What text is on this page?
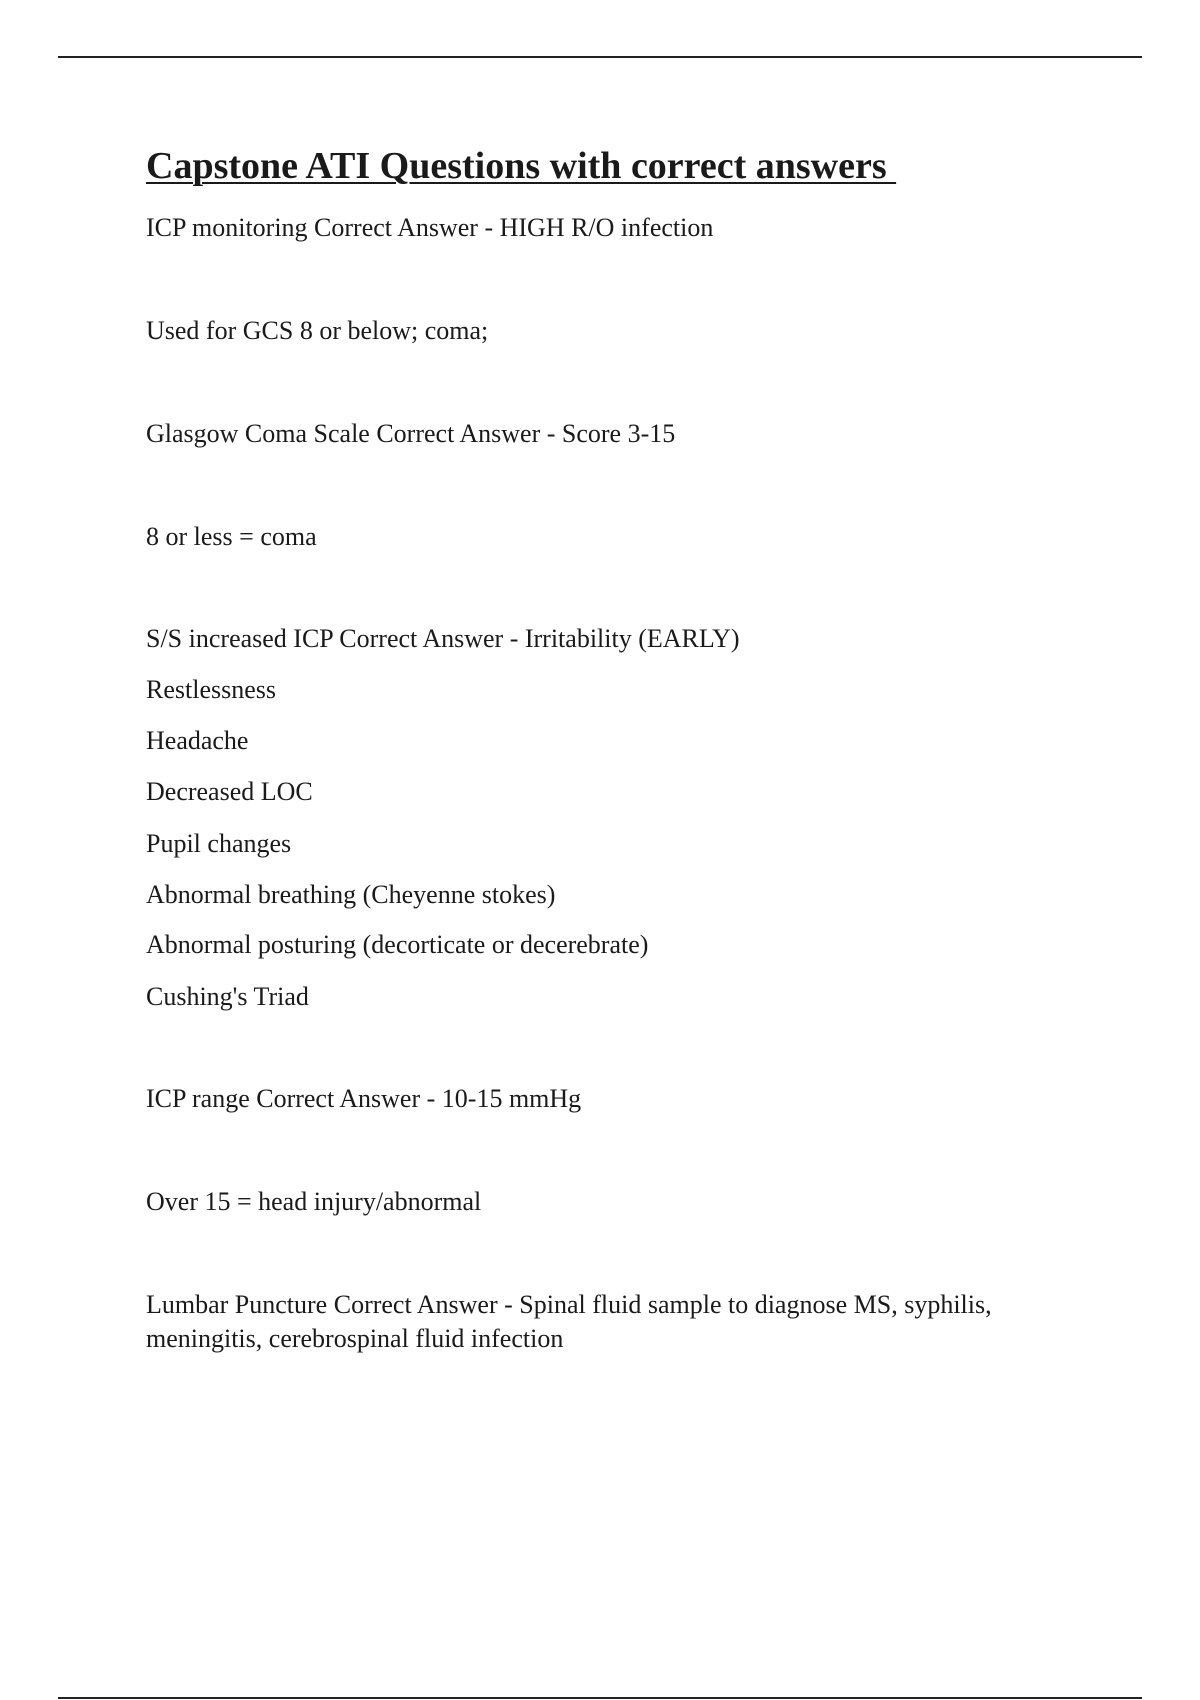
Capstone ATI Questions with correct answers

ICP monitoring Correct Answer - HIGH R/O infection

Used for GCS 8 or below; coma;

Glasgow Coma Scale Correct Answer - Score 3-15

8 or less = coma

S/S increased ICP Correct Answer - Irritability (EARLY)

Restlessness

Headache

Decreased LOC

Pupil changes

Abnormal breathing (Cheyenne stokes)

Abnormal posturing (decorticate or decerebrate)

Cushing's Triad

ICP range Correct Answer - 10-15 mmHg

Over 15 = head injury/abnormal

Lumbar Puncture Correct Answer - Spinal fluid sample to diagnose MS, syphilis, meningitis, cerebrospinal fluid infection
